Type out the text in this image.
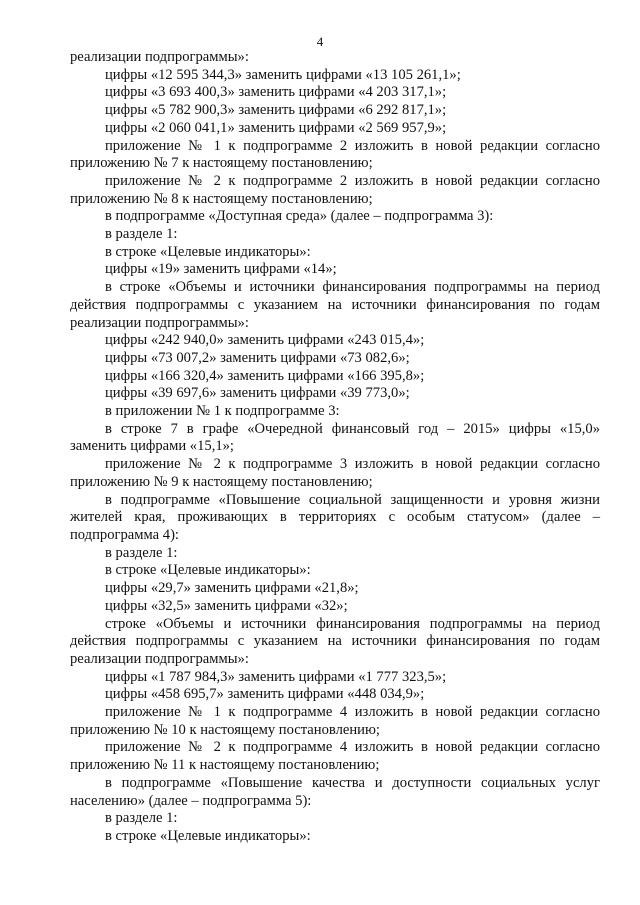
4

реализации подпрограммы»:

цифры «12 595 344,3» заменить цифрами «13 105 261,1»;

цифры «3 693 400,3» заменить цифрами «4 203 317,1»;

цифры «5 782 900,3» заменить цифрами «6 292 817,1»;

цифры «2 060 041,1» заменить цифрами «2 569 957,9»;

приложение № 1 к подпрограмме 2 изложить в новой редакции согласно приложению № 7 к настоящему постановлению;

приложение № 2 к подпрограмме 2 изложить в новой редакции согласно приложению № 8 к настоящему постановлению;

в подпрограмме «Доступная среда» (далее – подпрограмма 3):

в разделе 1:

в строке «Целевые индикаторы»:

цифры «19» заменить цифрами «14»;

в строке «Объемы и источники финансирования подпрограммы на период действия подпрограммы с указанием на источники финансирования по годам реализации подпрограммы»:

цифры «242 940,0» заменить цифрами «243 015,4»;

цифры «73 007,2» заменить цифрами «73 082,6»;

цифры «166 320,4» заменить цифрами «166 395,8»;

цифры «39 697,6» заменить цифрами «39 773,0»;

в приложении № 1 к подпрограмме 3:

в строке 7 в графе «Очередной финансовый год – 2015» цифры «15,0» заменить цифрами «15,1»;

приложение № 2 к подпрограмме 3 изложить в новой редакции согласно приложению № 9 к настоящему постановлению;

в подпрограмме «Повышение социальной защищенности и уровня жизни жителей края, проживающих в территориях с особым статусом» (далее – подпрограмма 4):

в разделе 1:

в строке «Целевые индикаторы»:

цифры «29,7» заменить цифрами «21,8»;

цифры «32,5» заменить цифрами «32»;

строке «Объемы и источники финансирования подпрограммы на период действия подпрограммы с указанием на источники финансирования по годам реализации подпрограммы»:

цифры «1 787 984,3» заменить цифрами «1 777 323,5»;

цифры «458 695,7» заменить цифрами «448 034,9»;

приложение № 1 к подпрограмме 4 изложить в новой редакции согласно приложению № 10 к настоящему постановлению;

приложение № 2 к подпрограмме 4 изложить в новой редакции согласно приложению № 11 к настоящему постановлению;

в подпрограмме «Повышение качества и доступности социальных услуг населению» (далее – подпрограмма 5):

в разделе 1:

в строке «Целевые индикаторы»:
